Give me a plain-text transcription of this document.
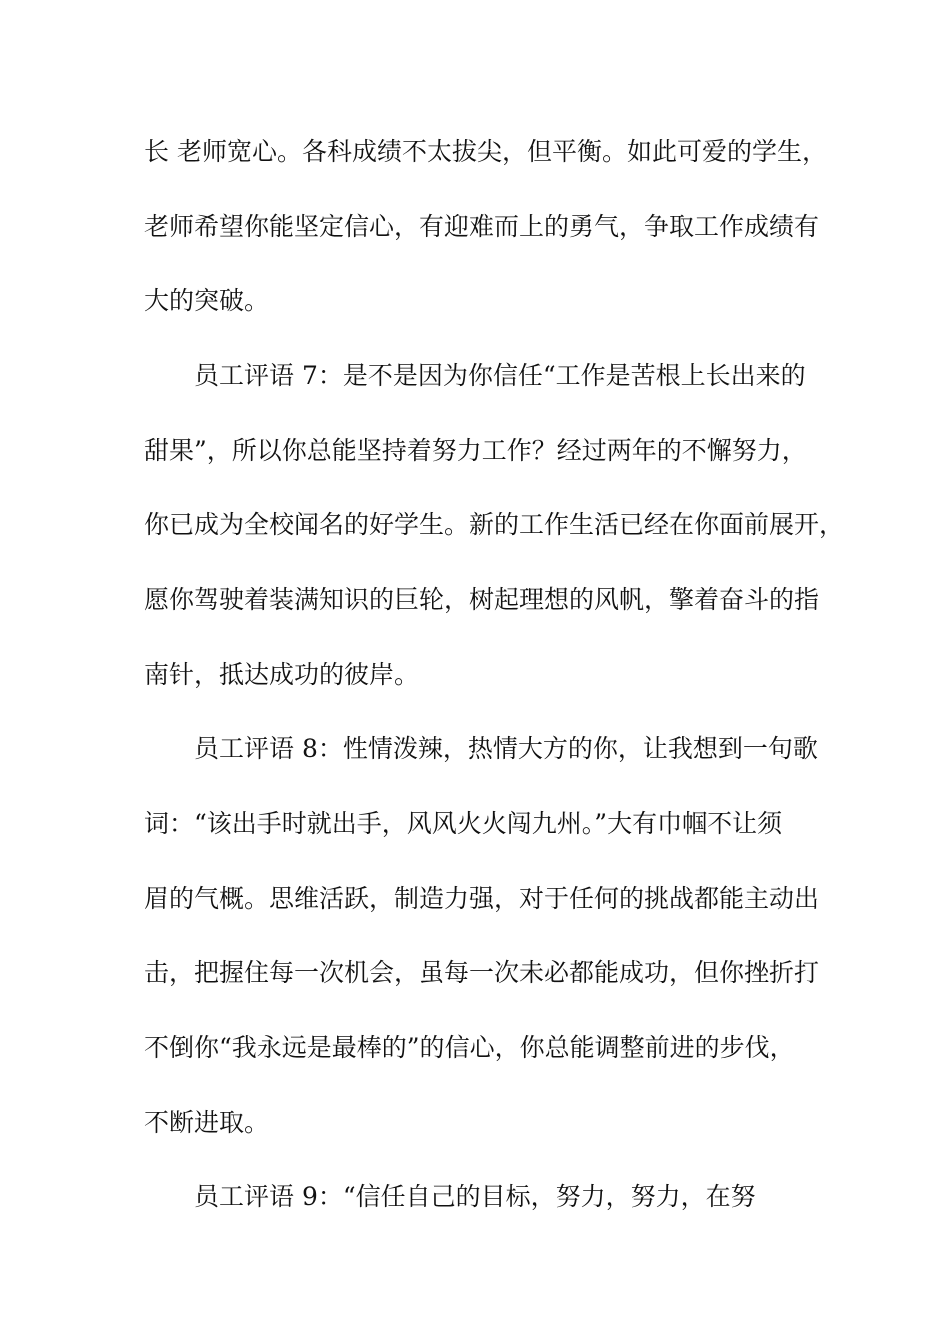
长 老师宽心。各科成绩不太拔尖，但平衡。如此可爱的学生，
老师希望你能坚定信心，有迎难而上的勇气，争取工作成绩有
大的突破。
　　员工评语 7：是不是因为你信任“工作是苦根上长出来的
甜果”，所以你总能坚持着努力工作？经过两年的不懈努力，
你已成为全校闻名的好学生。新的工作生活已经在你面前展开，
愿你驾驶着装满知识的巨轮，树起理想的风帆，擎着奋斗的指
南针，抵达成功的彼岸。
　　员工评语 8：性情泼辣，热情大方的你，让我想到一句歌
词：“该出手时就出手，风风火火闯九州。”大有巾帼不让须
眉的气概。思维活跃，制造力强，对于任何的挑战都能主动出
击，把握住每一次机会，虽每一次未必都能成功，但你挫折打
不倒你“我永远是最棒的”的信心，你总能调整前进的步伐，
不断进取。
　　员工评语 9：“信任自己的目标，努力，努力，在努
